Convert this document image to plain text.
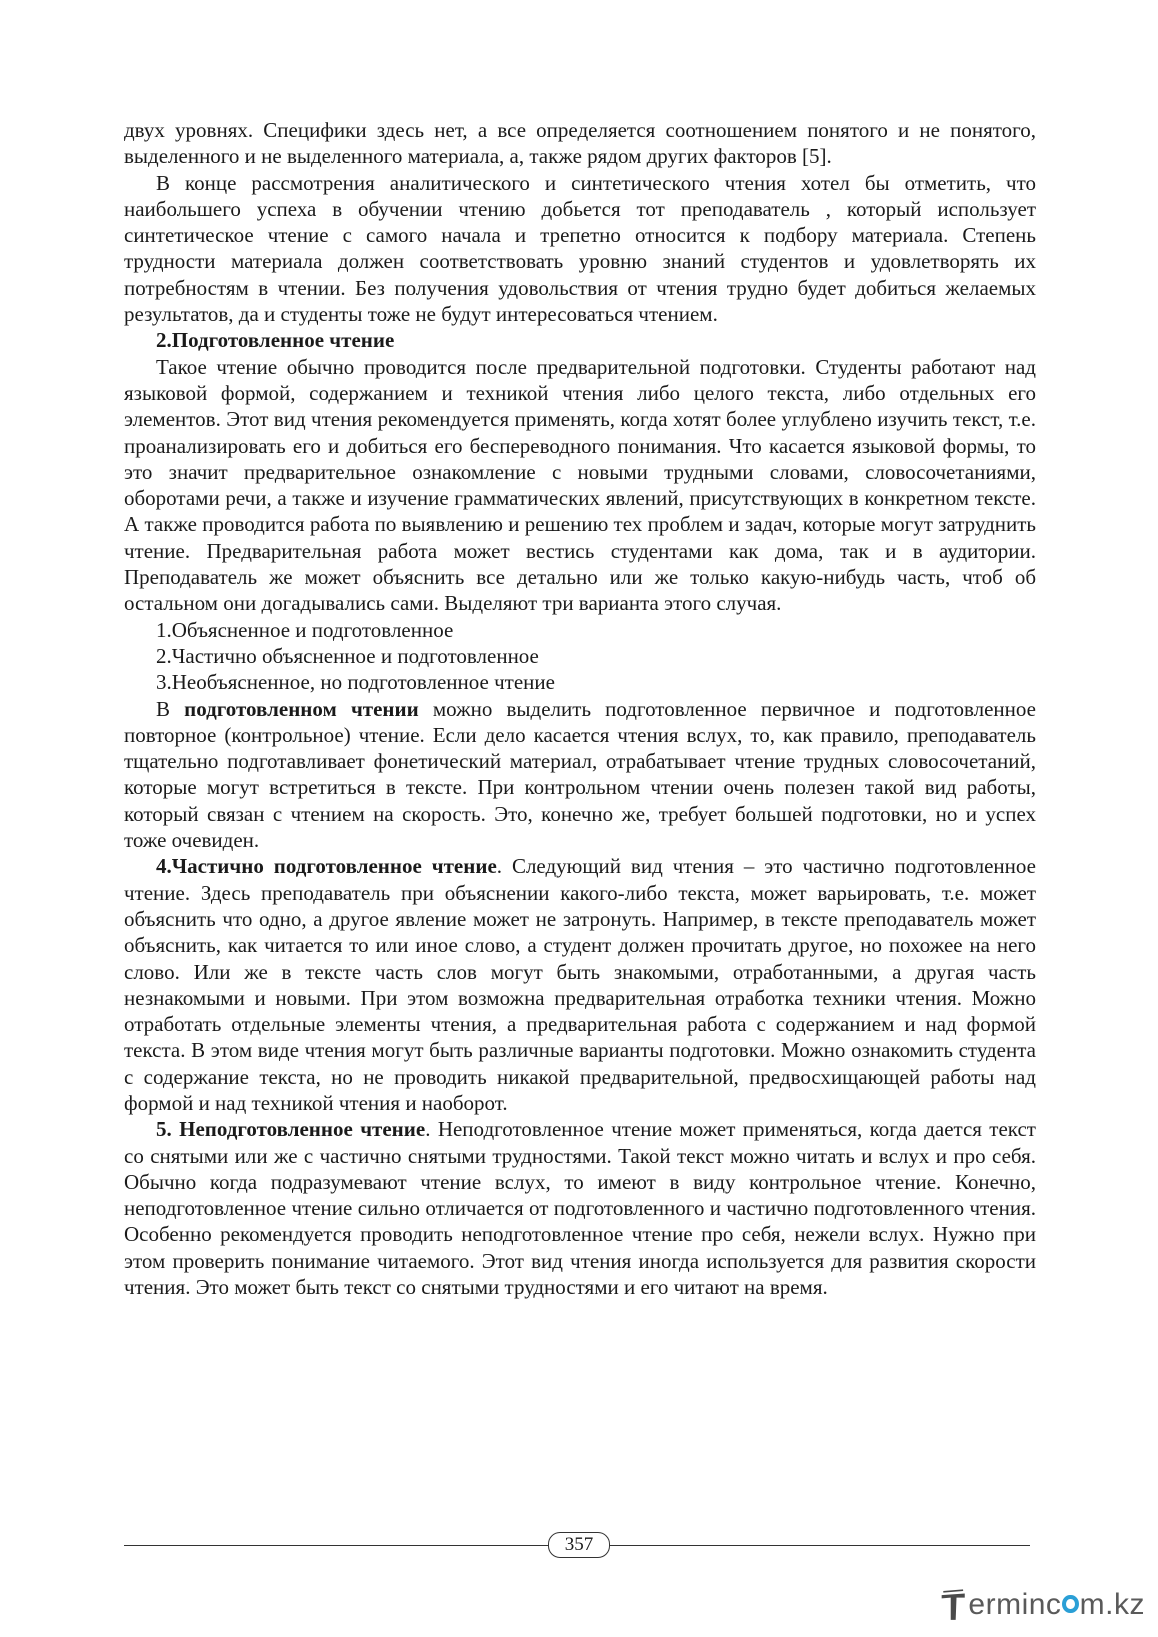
двух уровнях. Специфики здесь нет, а все определяется соотношением понятого и не понятого, выделенного и не выделенного материала, а, также рядом других факторов [5].

В конце рассмотрения аналитического и синтетического чтения хотел бы отметить, что наибольшего успеха в обучении чтению добьется тот преподаватель , который использует синтетическое чтение с самого начала и трепетно относится к подбору материала. Степень трудности материала должен соответствовать уровню знаний студентов и удовлетворять их потребностям в чтении. Без получения удовольствия от чтения трудно будет добиться желаемых результатов, да и студенты тоже не будут интересоваться чтением.

2.Подготовленное чтение

Такое чтение обычно проводится после предварительной подготовки. Студенты работают над языковой формой, содержанием и техникой чтения либо целого текста, либо отдельных его элементов. Этот вид чтения рекомендуется применять, когда хотят более углублено изучить текст, т.е. проанализировать его и добиться его беспереводного понимания. Что касается языковой формы, то это значит предварительное ознакомление с новыми трудными словами, словосочетаниями, оборотами речи, а также и изучение грамматических явлений, присутствующих в конкретном тексте. А также проводится работа по выявлению и решению тех проблем и задач, которые могут затруднить чтение. Предварительная работа может вестись студентами как дома, так и в аудитории. Преподаватель же может объяснить все детально или же только какую-нибудь часть, чтоб об остальном они догадывались сами. Выделяют три варианта этого случая.

1.Объясненное и подготовленное

2.Частично объясненное и подготовленное

3.Необъясненное, но подготовленное чтение

В подготовленном чтении можно выделить подготовленное первичное и подготовленное повторное (контрольное) чтение. Если дело касается чтения вслух, то, как правило, преподаватель тщательно подготавливает фонетический материал, отрабатывает чтение трудных словосочетаний, которые могут встретиться в тексте. При контрольном чтении очень полезен такой вид работы, который связан с чтением на скорость. Это, конечно же, требует большей подготовки, но и успех тоже очевиден.

4.Частично подготовленное чтение. Следующий вид чтения – это частично подготовленное чтение. Здесь преподаватель при объяснении какого-либо текста, может варьировать, т.е. может объяснить что одно, а другое явление может не затронуть. Например, в тексте преподаватель может объяснить, как читается то или иное слово, а студент должен прочитать другое, но похожее на него слово. Или же в тексте часть слов могут быть знакомыми, отработанными, а другая часть незнакомыми и новыми. При этом возможна предварительная отработка техники чтения. Можно отработать отдельные элементы чтения, а предварительная работа с содержанием и над формой текста. В этом виде чтения могут быть различные варианты подготовки. Можно ознакомить студента с содержание текста, но не проводить никакой предварительной, предвосхищающей работы над формой и над техникой чтения и наоборот.

5. Неподготовленное чтение. Неподготовленное чтение может применяться, когда дается текст со снятыми или же с частично снятыми трудностями. Такой текст можно читать и вслух и про себя. Обычно когда подразумевают чтение вслух, то имеют в виду контрольное чтение. Конечно, неподготовленное чтение сильно отличается от подготовленного и частично подготовленного чтения. Особенно рекомендуется проводить неподготовленное чтение про себя, нежели вслух. Нужно при этом проверить понимание читаемого. Этот вид чтения иногда используется для развития скорости чтения. Это может быть текст со снятыми трудностями и его читают на время.

357
ermin c m.kz
